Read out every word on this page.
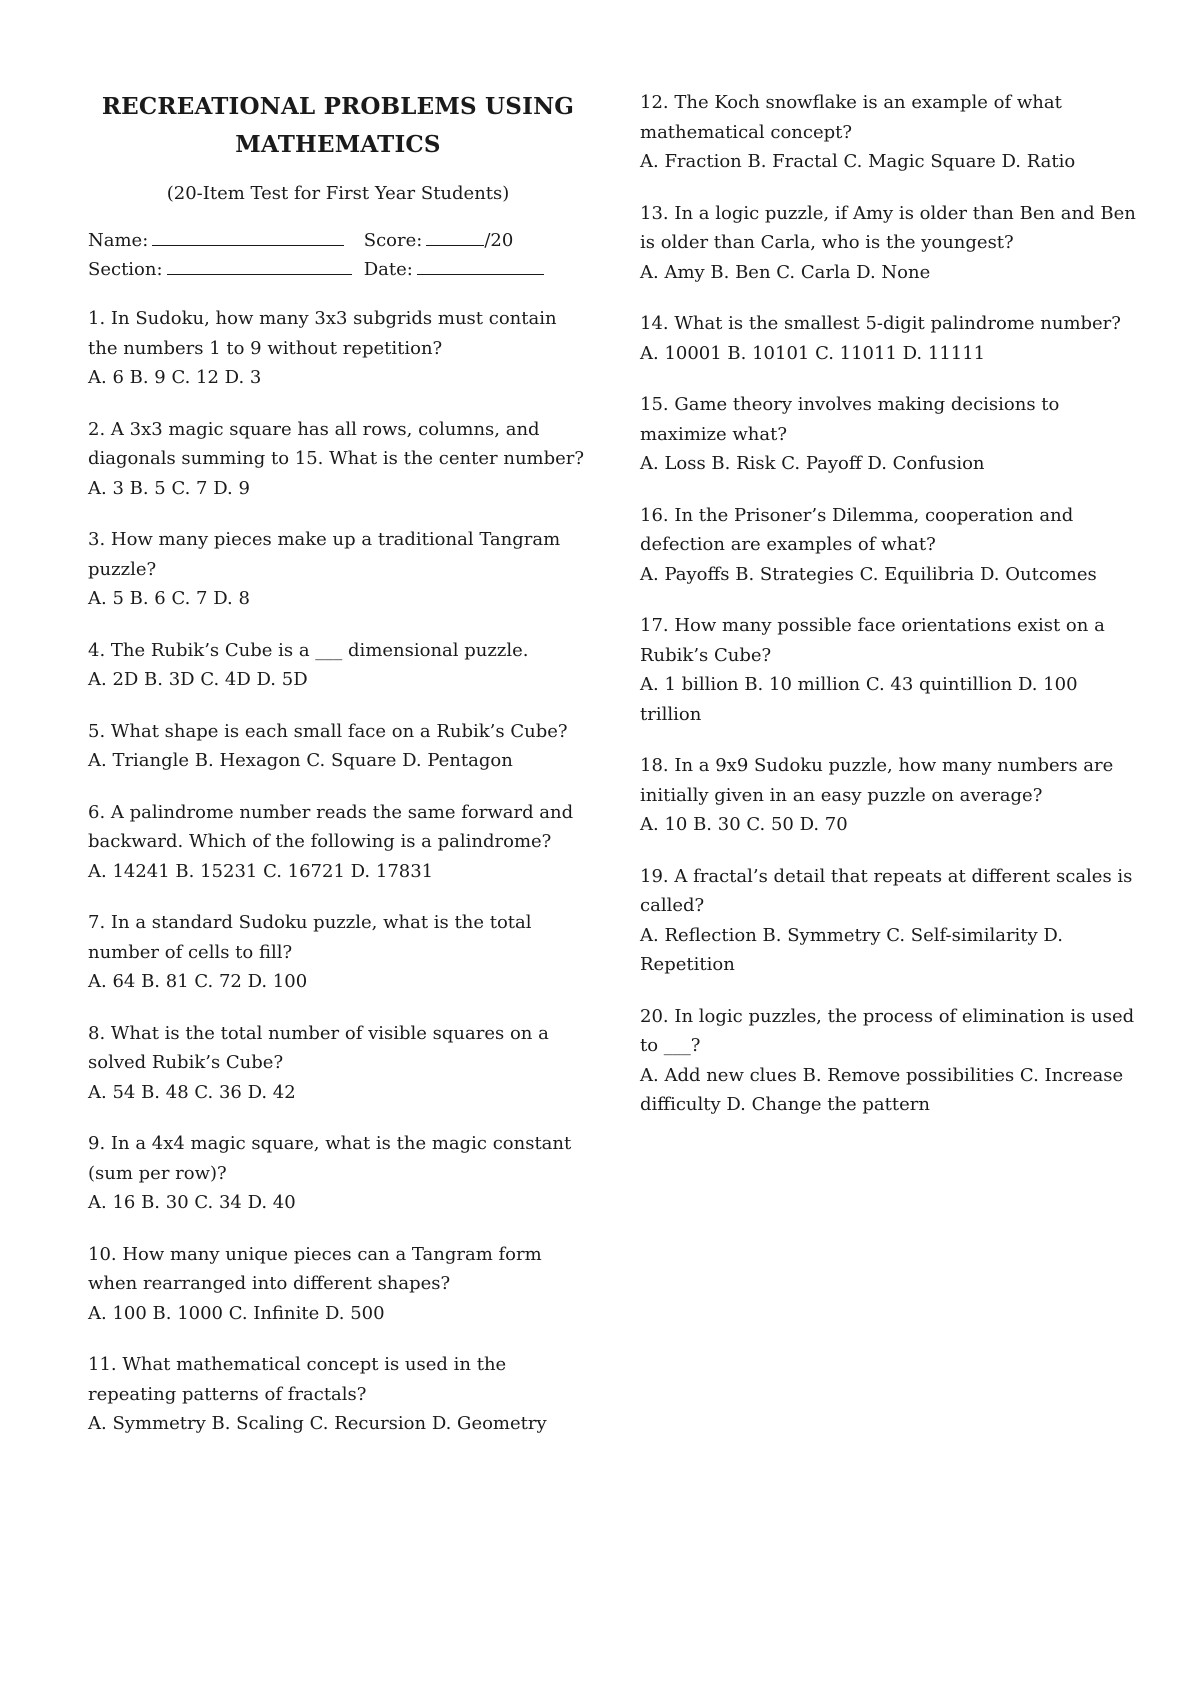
RECREATIONAL PROBLEMS USING
MATHEMATICS
(20-Item Test for First Year Students)
Name:	Score:	/20
Section:	Date:
1. In Sudoku, how many 3x3 subgrids must contain the numbers 1 to 9 without repetition?
A. 6 B. 9 C. 12 D. 3
2. A 3x3 magic square has all rows, columns, and diagonals summing to 15. What is the center number?
A. 3 B. 5 C. 7 D. 9
3. How many pieces make up a traditional Tangram puzzle?
A. 5 B. 6 C. 7 D. 8
4. The Rubik’s Cube is a ___ dimensional puzzle.
A. 2D B. 3D C. 4D D. 5D
5. What shape is each small face on a Rubik’s Cube?
A. Triangle B. Hexagon C. Square D. Pentagon
6. A palindrome number reads the same forward and backward. Which of the following is a palindrome?
A. 14241 B. 15231 C. 16721 D. 17831
7. In a standard Sudoku puzzle, what is the total number of cells to fill?
A. 64 B. 81 C. 72 D. 100
8. What is the total number of visible squares on a solved Rubik’s Cube?
A. 54 B. 48 C. 36 D. 42
9. In a 4x4 magic square, what is the magic constant (sum per row)?
A. 16 B. 30 C. 34 D. 40
10. How many unique pieces can a Tangram form when rearranged into different shapes?
A. 100 B. 1000 C. Infinite D. 500
11. What mathematical concept is used in the repeating patterns of fractals?
A. Symmetry B. Scaling C. Recursion D. Geometry
12. The Koch snowflake is an example of what mathematical concept?
A. Fraction B. Fractal C. Magic Square D. Ratio
13. In a logic puzzle, if Amy is older than Ben and Ben is older than Carla, who is the youngest?
A. Amy B. Ben C. Carla D. None
14. What is the smallest 5-digit palindrome number?
A. 10001 B. 10101 C. 11011 D. 11111
15. Game theory involves making decisions to maximize what?
A. Loss B. Risk C. Payoff D. Confusion
16. In the Prisoner’s Dilemma, cooperation and defection are examples of what?
A. Payoffs B. Strategies C. Equilibria D. Outcomes
17. How many possible face orientations exist on a Rubik’s Cube?
A. 1 billion B. 10 million C. 43 quintillion D. 100 trillion
18. In a 9x9 Sudoku puzzle, how many numbers are initially given in an easy puzzle on average?
A. 10 B. 30 C. 50 D. 70
19. A fractal’s detail that repeats at different scales is called?
A. Reflection B. Symmetry C. Self-similarity D. Repetition
20. In logic puzzles, the process of elimination is used to ___?
A. Add new clues B. Remove possibilities C. Increase difficulty D. Change the pattern
